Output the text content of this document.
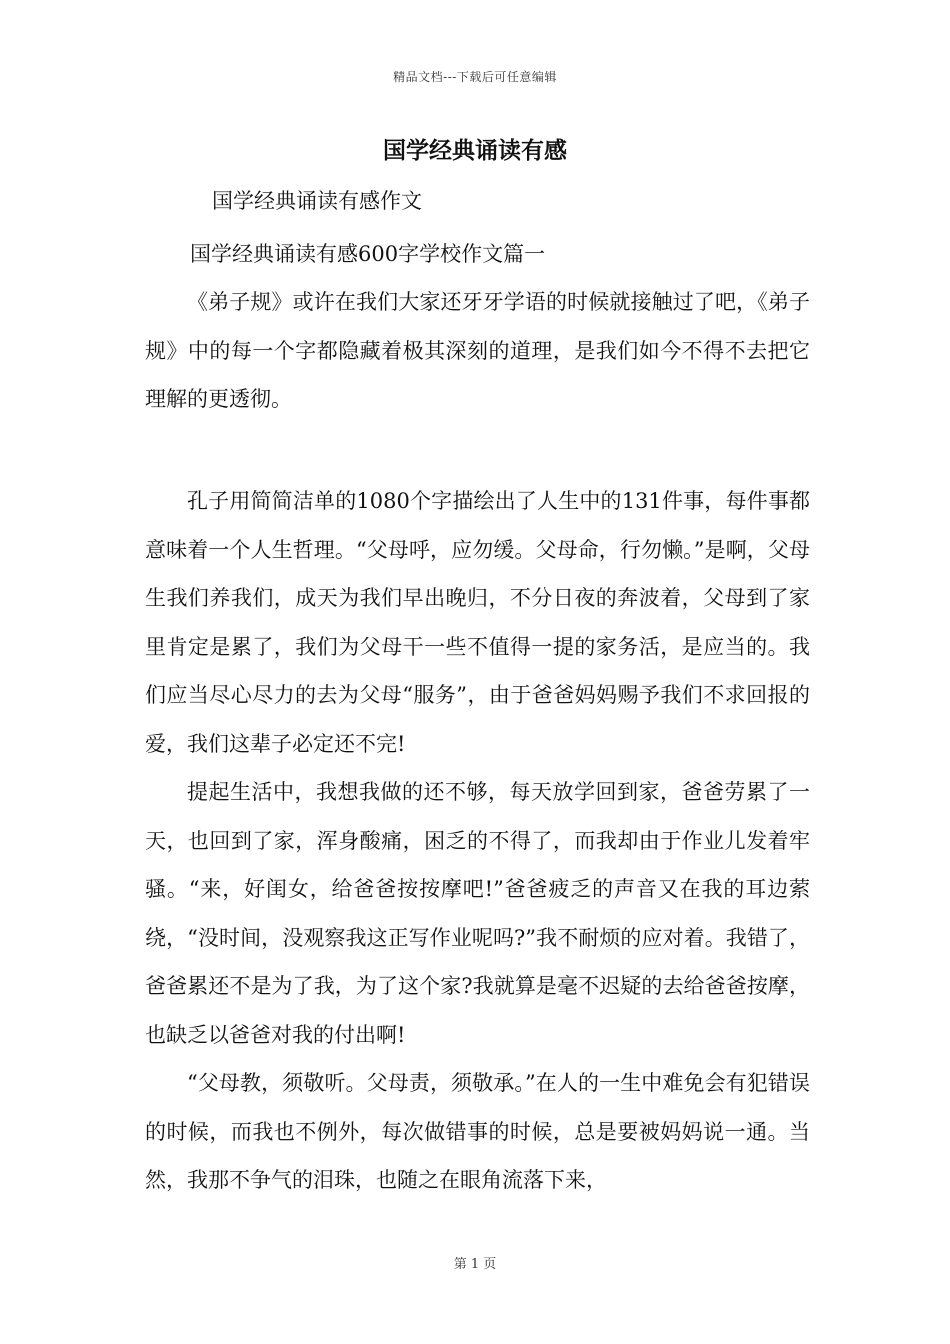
精品文档---下载后可任意编辑
国学经典诵读有感
国学经典诵读有感作文
国学经典诵读有感600字学校作文篇一

《弟子规》或许在我们大家还牙牙学语的时候就接触过了吧，《弟子规》中的每一个字都隐藏着极其深刻的道理，是我们如今不得不去把它理解的更透彻。

孔子用简简洁单的1080个字描绘出了人生中的131件事，每件事都意味着一个人生哲理。“父母呼，应勿缓。父母命，行勿懒。”是啊，父母生我们养我们，成天为我们早出晚归，不分日夜的奔波着，父母到了家里肯定是累了，我们为父母干一些不值得一提的家务活，是应当的。我们应当尽心尽力的去为父母“服务”，由于爸爸妈妈赐予我们不求回报的爱，我们这辈子必定还不完!

提起生活中，我想我做的还不够，每天放学回到家，爸爸劳累了一天，也回到了家，浑身酸痛，困乏的不得了，而我却由于作业儿发着牢骚。“来，好闺女，给爸爸按按摩吧!”爸爸疲乏的声音又在我的耳边萦绕，“没时间，没观察我这正写作业呢吗?”我不耐烦的应对着。我错了，爸爸累还不是为了我，为了这个家?我就算是毫不迟疑的去给爸爸按摩，也缺乏以爸爸对我的付出啊!

“父母教，须敬听。父母责，须敬承。”在人的一生中难免会有犯错误的时候，而我也不例外，每次做错事的时候，总是要被妈妈说一通。当然，我那不争气的泪珠，也随之在眼角流落下来，

第 1 页
